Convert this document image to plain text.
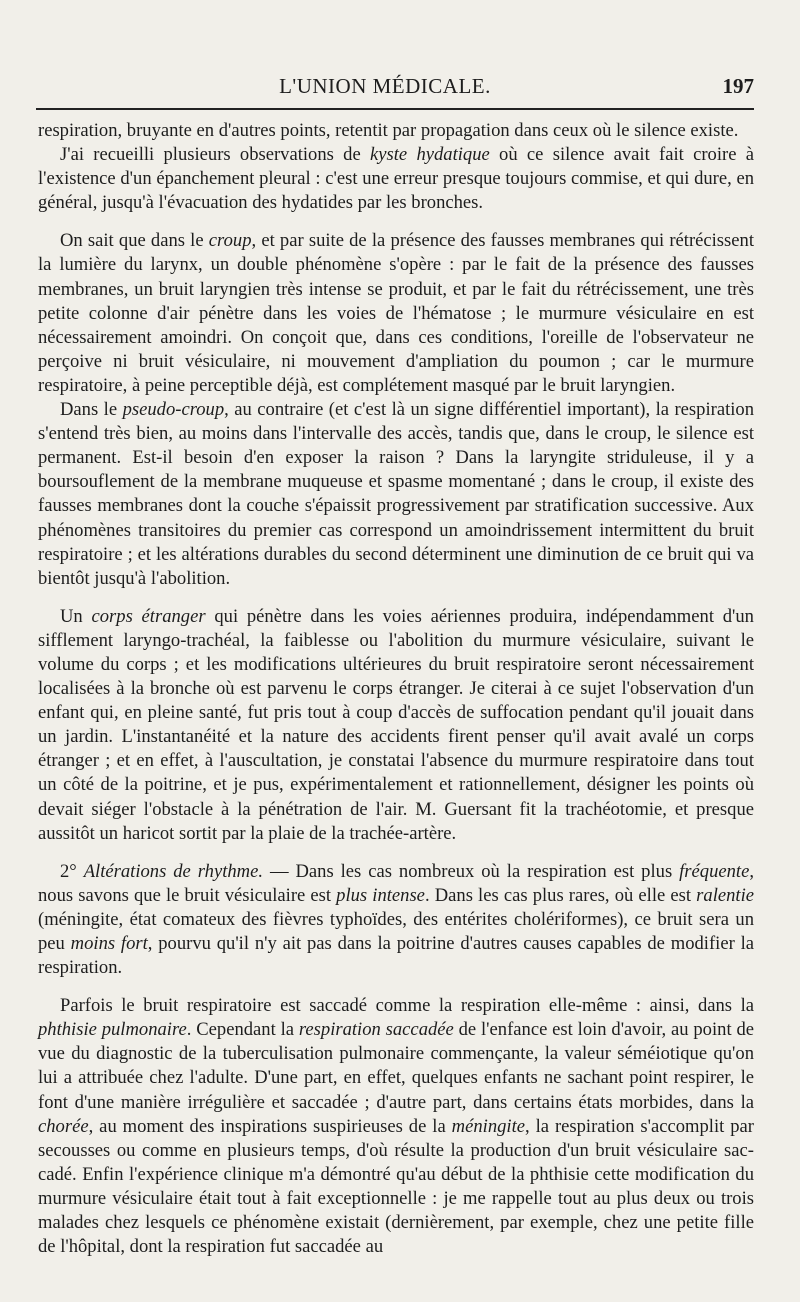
L'UNION MÉDICALE.	197

respiration, bruyante en d'autres points, retentit par propagation dans ceux où le silence existe.

J'ai recueilli plusieurs observations de kyste hydatique où ce silence avait fait croire à l'existence d'un épanchement pleural : c'est une erreur presque toujours commise, et qui dure, en général, jusqu'à l'évacuation des hydatides par les bronches.

On sait que dans le croup, et par suite de la présence des fausses membranes qui rétrécissent la lumière du larynx, un double phénomène s'opère : par le fait de la présence des fausses membranes, un bruit laryngien très intense se produit, et par le fait du rétrécissement, une très petite colonne d'air pénètre dans les voies de l'hématose ; le murmure vésiculaire en est nécessairement amoindri. On conçoit que, dans ces conditions, l'oreille de l'observateur ne perçoive ni bruit vésiculaire, ni mouvement d'ampliation du poumon ; car le murmure respiratoire, à peine perceptible déjà, est complétement masqué par le bruit laryngien.

Dans le pseudo-croup, au contraire (et c'est là un signe différentiel important), la respiration s'entend très bien, au moins dans l'intervalle des accès, tandis que, dans le croup, le silence est permanent. Est-il besoin d'en exposer la raison ? Dans la laryngite striduleuse, il y a boursouflement de la membrane muqueuse et spasme momentané ; dans le croup, il existe des fausses membranes dont la couche s'épaissit progressivement par stratification successive. Aux phénomènes transitoires du premier cas correspond un amoindrissement intermittent du bruit respiratoire ; et les altérations durables du second déterminent une diminution de ce bruit qui va bientôt jusqu'à l'abolition.

Un corps étranger qui pénètre dans les voies aériennes produira, indépendamment d'un sifflement laryngo-trachéal, la faiblesse ou l'abolition du murmure vésiculaire, suivant le volume du corps ; et les modifications ultérieures du bruit respiratoire seront nécessairement localisées à la bronche où est parvenu le corps étranger. Je citerai à ce sujet l'observation d'un enfant qui, en pleine santé, fut pris tout à coup d'accès de suffocation pendant qu'il jouait dans un jardin. L'instantanéité et la nature des accidents firent penser qu'il avait avalé un corps étranger ; et en effet, à l'auscultation, je constatai l'absence du murmure respiratoire dans tout un côté de la poitrine, et je pus, expérimentalement et rationnellement, désigner les points où devait siéger l'obstacle à la pénétration de l'air. M. Guersant fit la trachéotomie, et presque aussitôt un haricot sortit par la plaie de la trachée-artère.

2° Altérations de rhythme. — Dans les cas nombreux où la respiration est plus fréquente, nous savons que le bruit vésiculaire est plus intense. Dans les cas plus rares, où elle est ralentie (méningite, état comateux des fièvres typhoïdes, des entérites cholériformes), ce bruit sera un peu moins fort, pourvu qu'il n'y ait pas dans la poitrine d'autres causes capables de modifier la respiration.

Parfois le bruit respiratoire est saccadé comme la respiration elle-même : ainsi, dans la phthisie pulmonaire. Cependant la respiration saccadée de l'enfance est loin d'avoir, au point de vue du diagnostic de la tuberculisation pulmonaire commençante, la valeur séméiotique qu'on lui a attribuée chez l'adulte. D'une part, en effet, quelques enfants ne sachant point respirer, le font d'une manière irrégulière et saccadée ; d'autre part, dans certains états morbides, dans la chorée, au moment des inspirations suspirieuses de la méningite, la respiration s'accomplit par secousses ou comme en plusieurs temps, d'où résulte la production d'un bruit vésiculaire saccadé. Enfin l'expérience clinique m'a démontré qu'au début de la phthisie cette modification du murmure vésiculaire était tout à fait exceptionnelle : je me rappelle tout au plus deux ou trois malades chez lesquels ce phénomène existait (dernièrement, par exemple, chez une petite fille de l'hôpital, dont la respiration fut saccadée au
